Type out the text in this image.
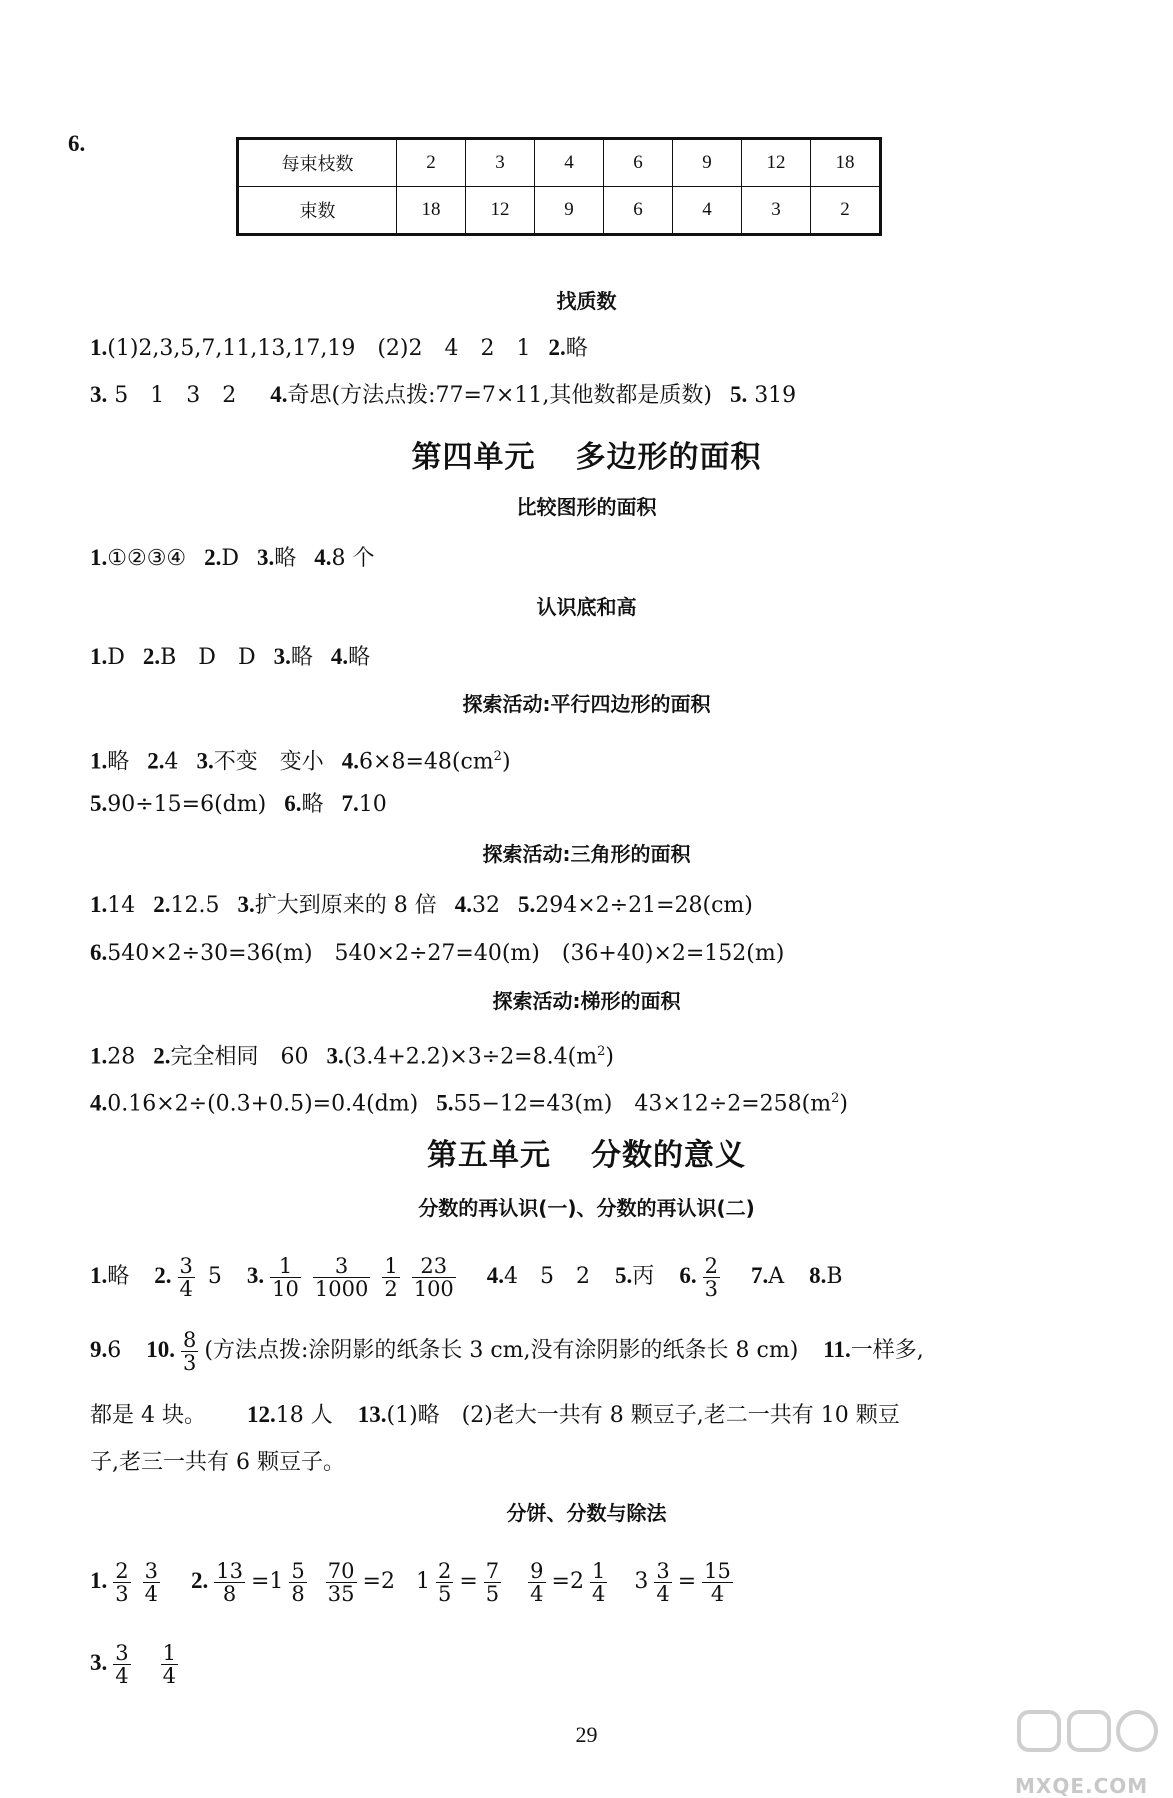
6.
每束枝数	2	3	4	6	9	12	18
束数	18	12	9	6	4	3	2
找质数
1.(1)2,3,5,7,11,13,17,19　(2)2　4　2　1 2.略
3. 5　1　3　2 4.奇思(方法点拨:77=7×11,其他数都是质数) 5. 319
第四单元 多边形的面积
比较图形的面积
1.①②③④ 2.D 3.略 4.8 个
认识底和高
1.D 2.B　D　D 3.略 4.略
探索活动:平行四边形的面积
1.略 2.4 3.不变　变小 $4.6\times 8=48(cm^2)$
5.90÷15=6(dm) 6.略 7.10
探索活动:三角形的面积
1.14 2.12.5 3.扩大到原来的 8 倍 4.32 5.294×2÷21=28(cm)
6.540×2÷30=36(m)　540×2÷27=40(m)　(36+40)×2=152(m)
探索活动:梯形的面积
1.28 2.完全相同　60 $3.(3.4+2.2)\times 3\div 2=8.4(m^2)$
4.0.16×2÷(0.3+0.5)=0.4(dm) 5.55−12=43(m)　$43\times 12\div 2=258(m^2)$
第五单元 分数的意义
分数的再认识(一)、分数的再认识(二)
1.略 2. $\frac{3}{4} 5$ 3. $\frac{1}{10} \frac{3}{1000} \frac{1}{2} \frac{23}{100} 4.4$　5　2 5.丙 6. $\frac{2}{3} 7.A$ 8.B
9.6 10. $\frac{8}{3}$ (方法点拨:涂阴影的纸条长 3 cm,没有涂阴影的纸条长 8 cm) 11.一样多,
都是 4 块。 12.18 人 13.(1)略　(2)老大一共有 8 颗豆子,老二一共有 10 颗豆
子,老三一共有 6 颗豆子。
分饼、分数与除法
1. $\frac{2}{3} \frac{3}{4} 2$. $\frac{13}{8} =1 \frac{5}{8}$
$\frac{70}{35} =2$ $1 \frac{2}{5} = \frac{7}{5}$
$\frac{9}{4} =2 \frac{1}{4} 3 \frac{3}{4} = \frac{15}{4}$
3. $\frac{3}{4} \frac{1}{4}$
29
MXQE.COM
